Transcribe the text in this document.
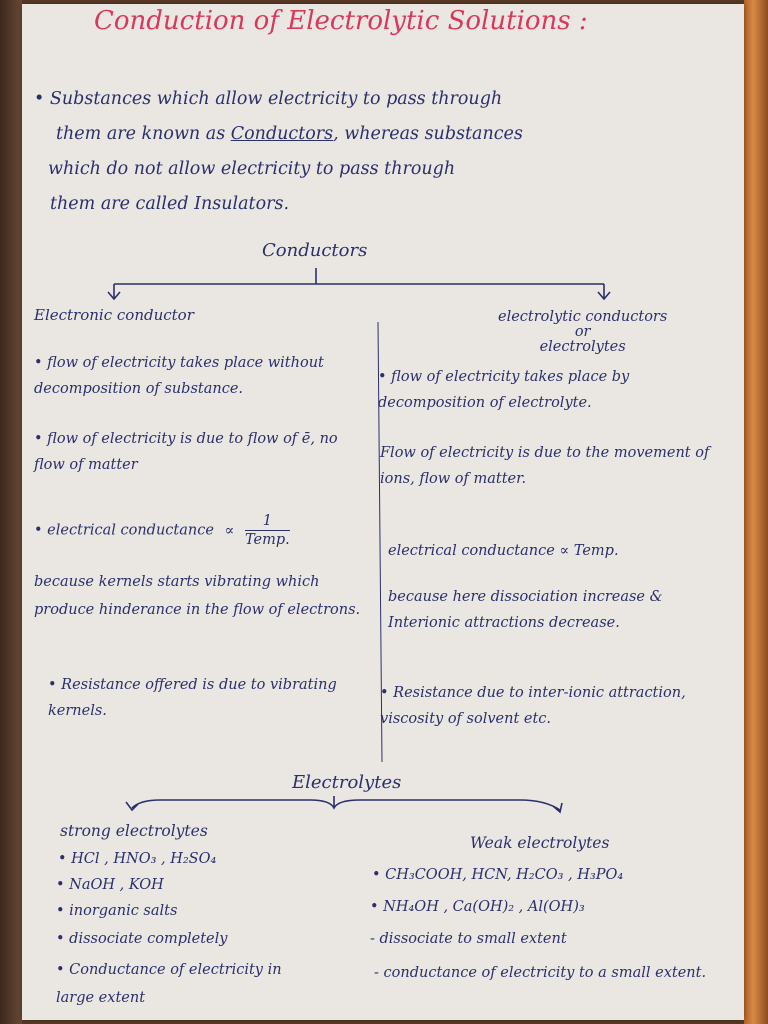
Conduction of Electrolytic Solutions :
• Substances which allow electricity to pass through
them are known as Conductors, whereas substances
which do not allow electricity to pass through
them are called Insulators.
Conductors
Electronic conductor
• flow of electricity takes place without decomposition of substance.
• flow of electricity is due to flow of ē, no flow of matter
• electrical conductance ∝
1
Temp.
because kernels starts vibrating which produce hinderance in the flow of electrons.
• Resistance offered is due to vibrating kernels.
electrolytic conductors
or
electrolytes
• flow of electricity takes place by decomposition of electrolyte.
Flow of electricity is due to the movement of ions, flow of matter.
electrical conductance ∝ Temp.
because here dissociation increase & Interionic attractions decrease.
• Resistance due to inter-ionic attraction, viscosity of solvent etc.
Electrolytes
strong electrolytes
• HCl , HNO₃ , H₂SO₄
• NaOH , KOH
• inorganic salts
• dissociate completely
• Conductance of electricity in large extent
Weak electrolytes
• CH₃COOH, HCN, H₂CO₃ , H₃PO₄
• NH₄OH , Ca(OH)₂ , Al(OH)₃
- dissociate to small extent
- conductance of electricity to a small extent.
